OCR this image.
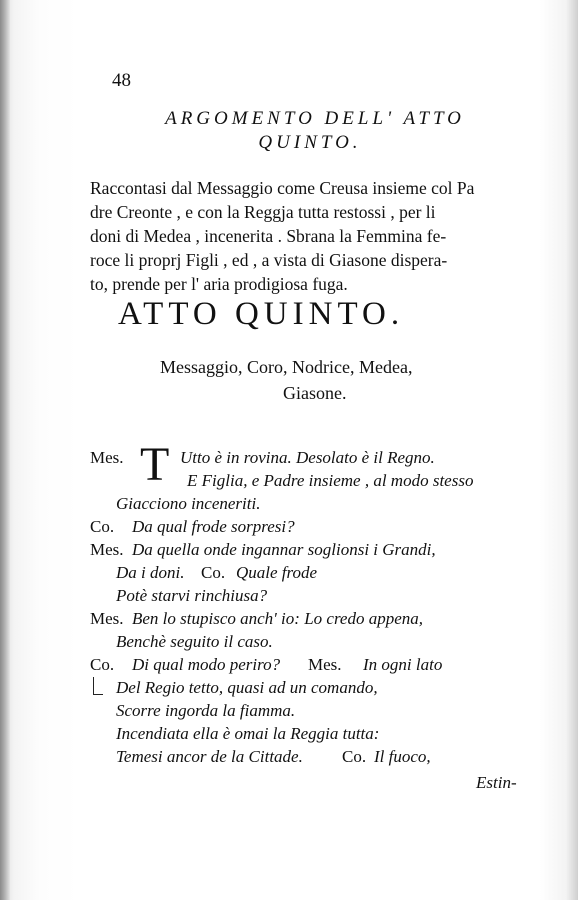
48
ARGOMENTO DELL' ATTO
QUINTO.
Raccontasi dal Messaggio come Creusa insieme col Pa
dre Creonte , e con la Reggja tutta restossi , per li
doni di Medea , incenerita . Sbrana la Femmina fe-
roce li proprj Figli , ed , a vista di Giasone dispera-
to, prende per l' aria prodigiosa fuga.
ATTO QUINTO.
Messaggio, Coro, Nodrice, Medea,
Giasone.
T
Mes.	Utto è in rovina. Desolato è il Regno.
E Figlia, e Padre insieme , al modo stesso
Giacciono inceneriti.
Co. Da qual frode sorpresi?
Mes. Da quella onde ingannar soglionsi i Grandi,
Da i doni. Co. Quale frode
Potè starvi rinchiusa?
Mes. Ben lo stupisco anch' io: Lo credo appena,
Benchè seguito il caso.
Co. Di qual modo periro? Mes. In ogni lato
Del Regio tetto, quasi ad un comando,
Scorre ingorda la fiamma.
Incendiata ella è omai la Reggia tutta:
Temesi ancor de la Cittade. Co. Il fuoco,
Estin-
